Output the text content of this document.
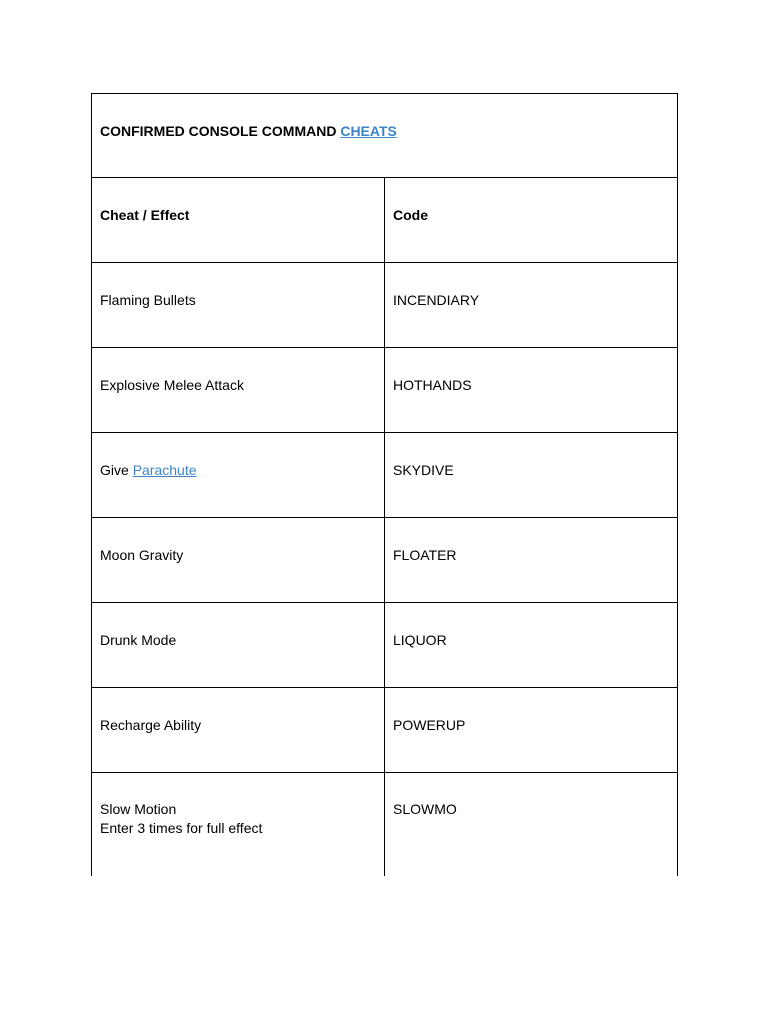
CONFIRMED CONSOLE COMMAND CHEATS	
Cheat / Effect	Code
Flaming Bullets	INCENDIARY
Explosive Melee Attack	HOTHANDS
Give Parachute	SKYDIVE
Moon Gravity	FLOATER
Drunk Mode	LIQUOR
Recharge Ability	POWERUP

Slow Motion
Enter 3 times for full effect	SLOWMO
